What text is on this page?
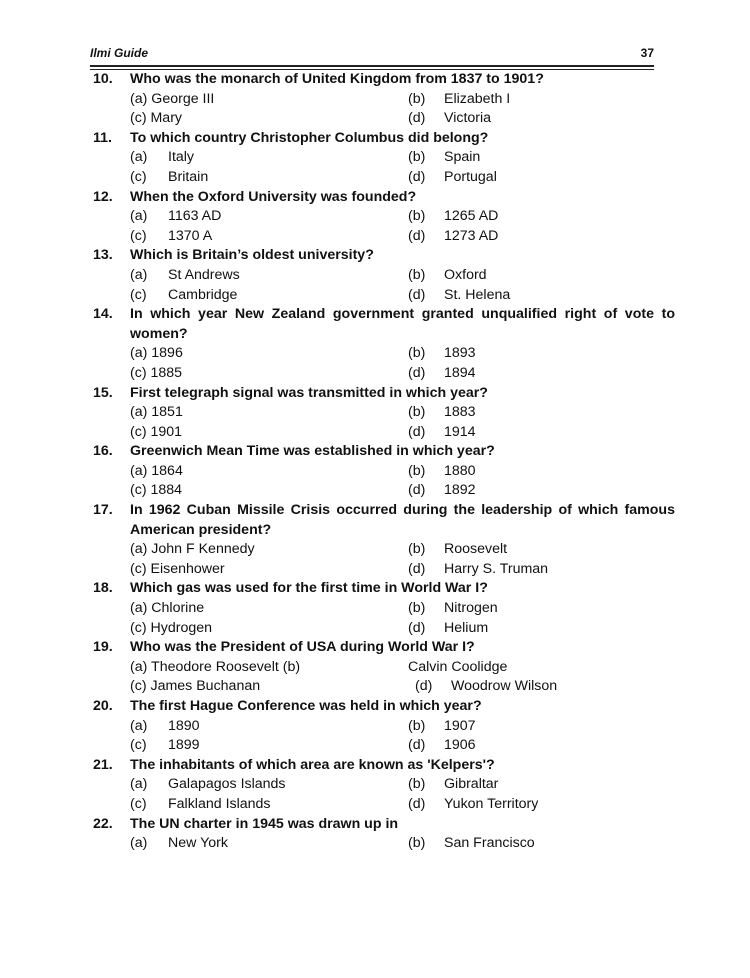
Ilmi Guide	37
10. Who was the monarch of United Kingdom from 1837 to 1901?
(a) George III	(b) Elizabeth I
(c) Mary	(d) Victoria
11. To which country Christopher Columbus did belong?
(a) Italy	(b) Spain
(c) Britain	(d) Portugal
12. When the Oxford University was founded?
(a) 1163 AD	(b) 1265 AD
(c) 1370 A	(d) 1273 AD
13. Which is Britain’s oldest university?
(a) St Andrews	(b) Oxford
(c) Cambridge	(d) St. Helena
14. In which year New Zealand government granted unqualified right of vote to women?
(a) 1896	(b) 1893
(c) 1885	(d) 1894
15. First telegraph signal was transmitted in which year?
(a) 1851	(b) 1883
(c) 1901	(d) 1914
16. Greenwich Mean Time was established in which year?
(a) 1864	(b) 1880
(c) 1884	(d) 1892
17. In 1962 Cuban Missile Crisis occurred during the leadership of which famous American president?
(a) John F Kennedy	(b) Roosevelt
(c) Eisenhower	(d) Harry S. Truman
18. Which gas was used for the first time in World War I?
(a) Chlorine	(b) Nitrogen
(c) Hydrogen	(d) Helium
19. Who was the President of USA during World War I?
(a) Theodore Roosevelt (b)	Calvin Coolidge
(c) James Buchanan	(d) Woodrow Wilson
20. The first Hague Conference was held in which year?
(a) 1890	(b) 1907
(c) 1899	(d) 1906
21. The inhabitants of which area are known as 'Kelpers'?
(a) Galapagos Islands	(b) Gibraltar
(c) Falkland Islands	(d) Yukon Territory
22. The UN charter in 1945 was drawn up in
(a) New York	(b) San Francisco
